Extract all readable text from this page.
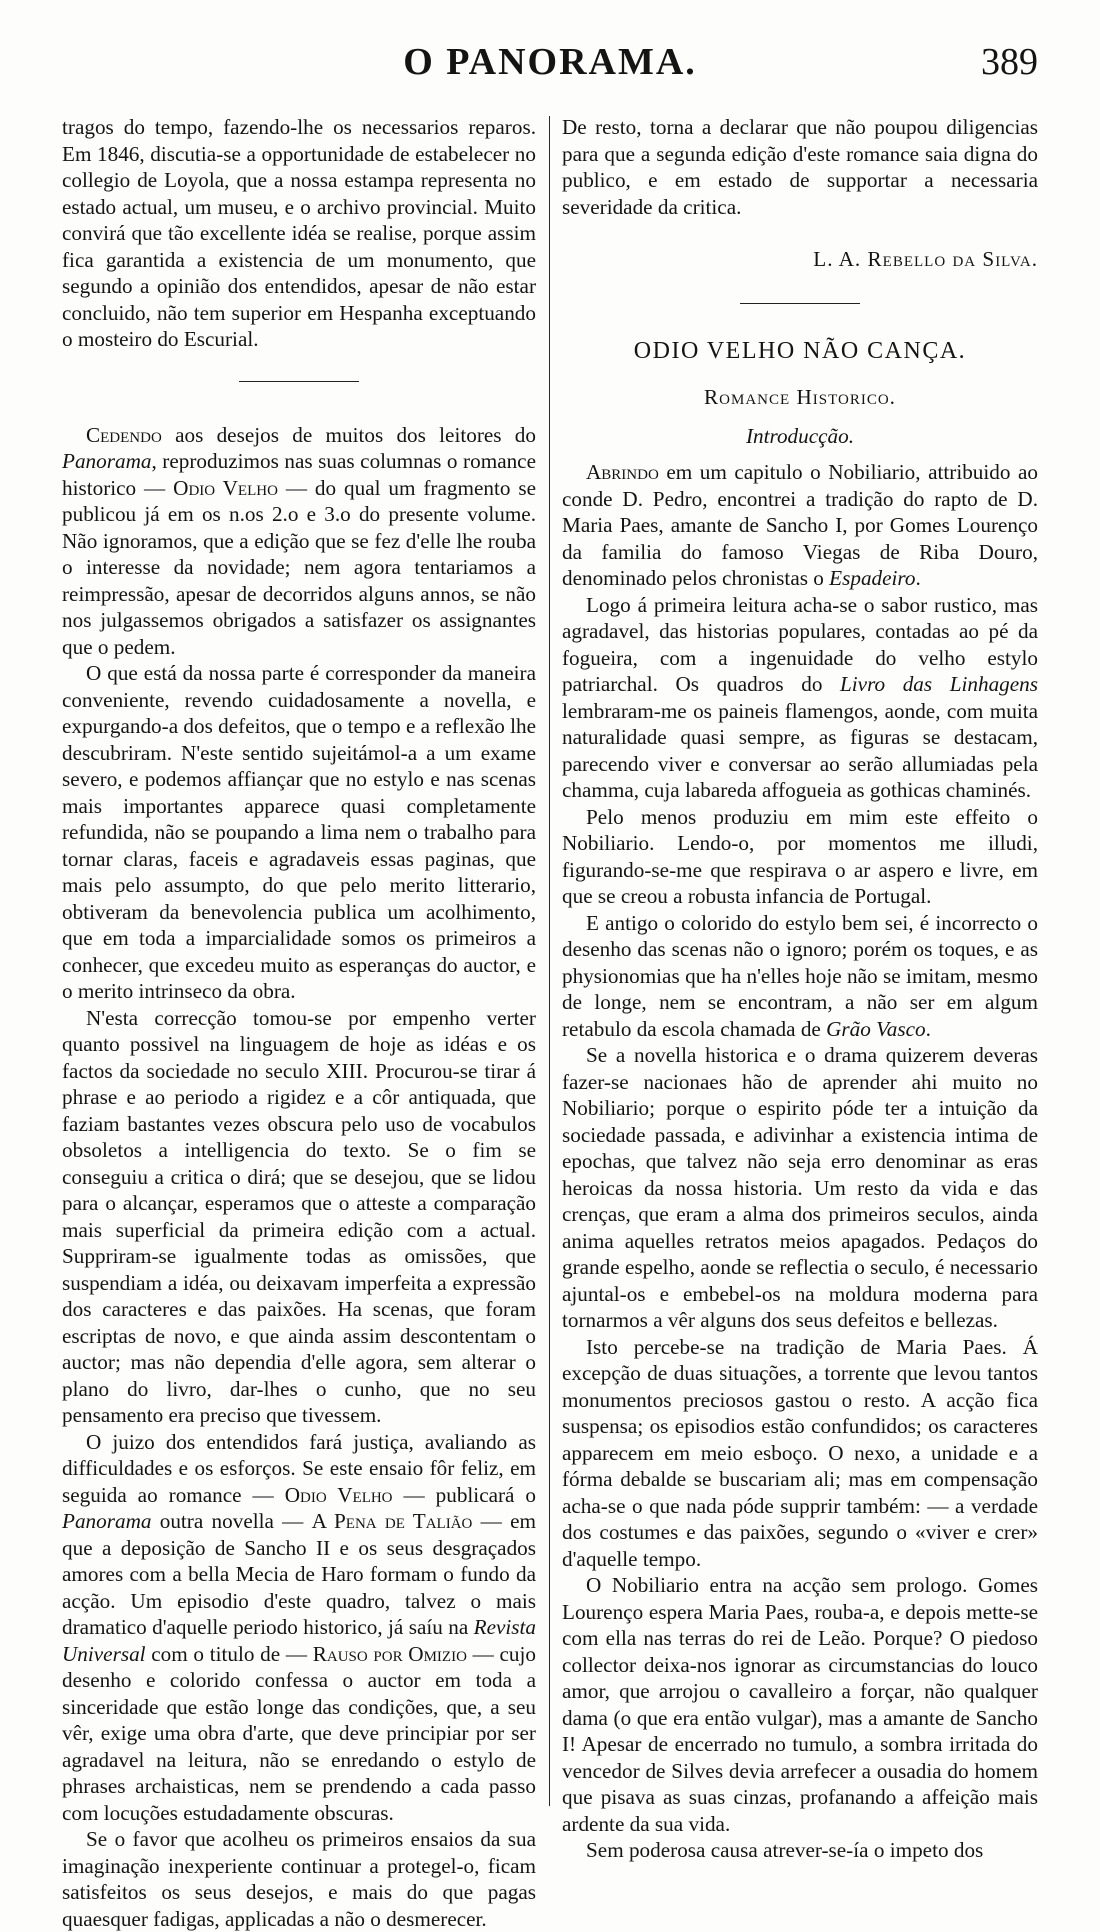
O PANORAMA.	389

tragos do tempo, fazendo-lhe os necessarios reparos. Em 1846, discutia-se a opportunidade de estabelecer no collegio de Loyola, que a nossa estampa representa no estado actual, um museu, e o archivo provincial. Muito convirá que tão excellente idéa se realise, porque assim fica garantida a existencia de um monumento, que segundo a opinião dos entendidos, apesar de não estar concluido, não tem superior em Hespanha exceptuando o mosteiro do Escurial.

Cedendo aos desejos de muitos dos leitores do Panorama, reproduzimos nas suas columnas o romance historico — Odio Velho — do qual um fragmento se publicou já em os n.os 2.o e 3.o do presente volume. Não ignoramos, que a edição que se fez d'elle lhe rouba o interesse da novidade; nem agora tentariamos a reimpressão, apesar de decorridos alguns annos, se não nos julgassemos obrigados a satisfazer os assignantes que o pedem.

O que está da nossa parte é corresponder da maneira conveniente, revendo cuidadosamente a novella, e expurgando-a dos defeitos, que o tempo e a reflexão lhe descubriram. N'este sentido sujeitámol-a a um exame severo, e podemos affiançar que no estylo e nas scenas mais importantes apparece quasi completamente refundida, não se poupando a lima nem o trabalho para tornar claras, faceis e agradaveis essas paginas, que mais pelo assumpto, do que pelo merito litterario, obtiveram da benevolencia publica um acolhimento, que em toda a imparcialidade somos os primeiros a conhecer, que excedeu muito as esperanças do auctor, e o merito intrinseco da obra.

N'esta correcção tomou-se por empenho verter quanto possivel na linguagem de hoje as idéas e os factos da sociedade no seculo XIII. Procurou-se tirar á phrase e ao periodo a rigidez e a côr antiquada, que faziam bastantes vezes obscura pelo uso de vocabulos obsoletos a intelligencia do texto. Se o fim se conseguiu a critica o dirá; que se desejou, que se lidou para o alcançar, esperamos que o atteste a comparação mais superficial da primeira edição com a actual. Suppriram-se igualmente todas as omissões, que suspendiam a idéa, ou deixavam imperfeita a expressão dos caracteres e das paixões. Ha scenas, que foram escriptas de novo, e que ainda assim descontentam o auctor; mas não dependia d'elle agora, sem alterar o plano do livro, dar-lhes o cunho, que no seu pensamento era preciso que tivessem.

O juizo dos entendidos fará justiça, avaliando as difficuldades e os esforços. Se este ensaio fôr feliz, em seguida ao romance — Odio Velho — publicará o Panorama outra novella — A Pena de Talião — em que a deposição de Sancho II e os seus desgraçados amores com a bella Mecia de Haro formam o fundo da acção. Um episodio d'este quadro, talvez o mais dramatico d'aquelle periodo historico, já saíu na Revista Universal com o titulo de — Rauso por Omizio — cujo desenho e colorido confessa o auctor em toda a sinceridade que estão longe das condições, que, a seu vêr, exige uma obra d'arte, que deve principiar por ser agradavel na leitura, não se enredando o estylo de phrases archaisticas, nem se prendendo a cada passo com locuções estudadamente obscuras.

Se o favor que acolheu os primeiros ensaios da sua imaginação inexperiente continuar a protegel-o, ficam satisfeitos os seus desejos, e mais do que pagas quaesquer fadigas, applicadas a não o desmerecer.

De resto, torna a declarar que não poupou diligencias para que a segunda edição d'este romance saia digna do publico, e em estado de supportar a necessaria severidade da critica.

L. A. Rebello da Silva.

ODIO VELHO NÃO CANÇA.
Romance Historico.
Introducção.

Abrindo em um capitulo o Nobiliario, attribuido ao conde D. Pedro, encontrei a tradição do rapto de D. Maria Paes, amante de Sancho I, por Gomes Lourenço da familia do famoso Viegas de Riba Douro, denominado pelos chronistas o Espadeiro.

Logo á primeira leitura acha-se o sabor rustico, mas agradavel, das historias populares, contadas ao pé da fogueira, com a ingenuidade do velho estylo patriarchal. Os quadros do Livro das Linhagens lembraram-me os paineis flamengos, aonde, com muita naturalidade quasi sempre, as figuras se destacam, parecendo viver e conversar ao serão allumiadas pela chamma, cuja labareda affogueia as gothicas chaminés.

Pelo menos produziu em mim este effeito o Nobiliario. Lendo-o, por momentos me illudi, figurando-se-me que respirava o ar aspero e livre, em que se creou a robusta infancia de Portugal.

E antigo o colorido do estylo bem sei, é incorrecto o desenho das scenas não o ignoro; porém os toques, e as physionomias que ha n'elles hoje não se imitam, mesmo de longe, nem se encontram, a não ser em algum retabulo da escola chamada de Grão Vasco.

Se a novella historica e o drama quizerem deveras fazer-se nacionaes hão de aprender ahi muito no Nobiliario; porque o espirito póde ter a intuição da sociedade passada, e adivinhar a existencia intima de epochas, que talvez não seja erro denominar as eras heroicas da nossa historia. Um resto da vida e das crenças, que eram a alma dos primeiros seculos, ainda anima aquelles retratos meios apagados. Pedaços do grande espelho, aonde se reflectia o seculo, é necessario ajuntal-os e embebel-os na moldura moderna para tornarmos a vêr alguns dos seus defeitos e bellezas.

Isto percebe-se na tradição de Maria Paes. Á excepção de duas situações, a torrente que levou tantos monumentos preciosos gastou o resto. A acção fica suspensa; os episodios estão confundidos; os caracteres apparecem em meio esboço. O nexo, a unidade e a fórma debalde se buscariam ali; mas em compensação acha-se o que nada póde supprir também: — a verdade dos costumes e das paixões, segundo o «viver e crer» d'aquelle tempo.

O Nobiliario entra na acção sem prologo. Gomes Lourenço espera Maria Paes, rouba-a, e depois mette-se com ella nas terras do rei de Leão. Porque? O piedoso collector deixa-nos ignorar as circumstancias do louco amor, que arrojou o cavalleiro a forçar, não qualquer dama (o que era então vulgar), mas a amante de Sancho I! Apesar de encerrado no tumulo, a sombra irritada do vencedor de Silves devia arrefecer a ousadia do homem que pisava as suas cinzas, profanando a affeição mais ardente da sua vida.

Sem poderosa causa atrever-se-ía o impeto dos
